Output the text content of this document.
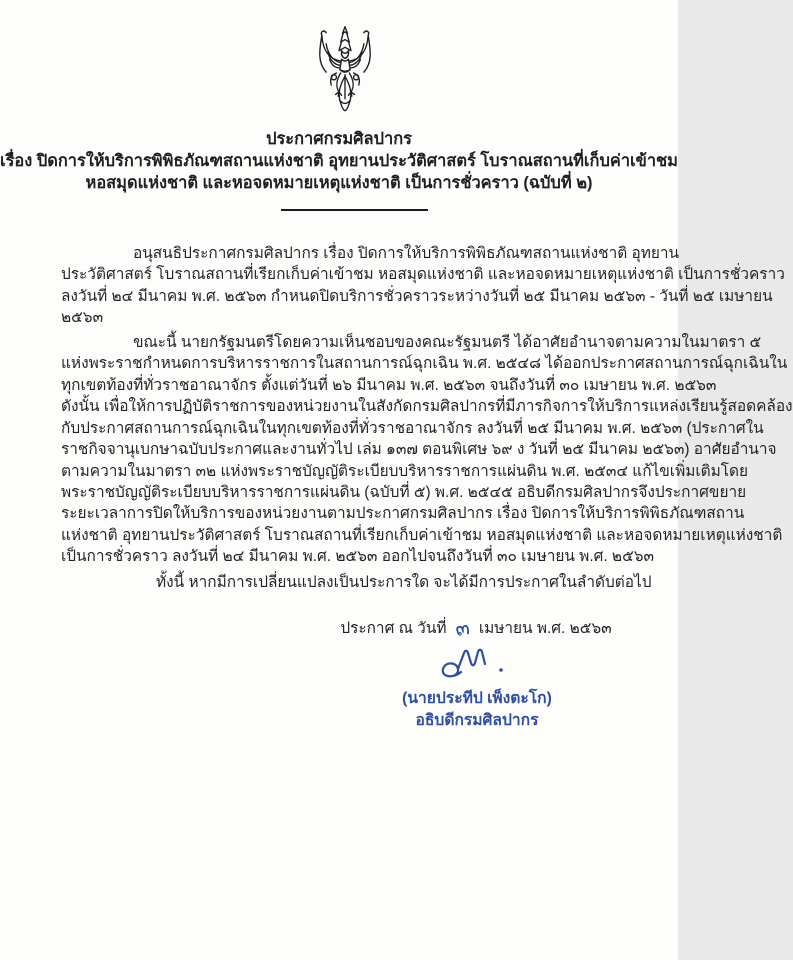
ประกาศกรมศิลปากร
เรื่อง ปิดการให้บริการพิพิธภัณฑสถานแห่งชาติ อุทยานประวัติศาสตร์ โบราณสถานที่เก็บค่าเข้าชม
หอสมุดแห่งชาติ และหอจดหมายเหตุแห่งชาติ เป็นการชั่วคราว (ฉบับที่ ๒)
อนุสนธิประกาศกรมศิลปากร เรื่อง ปิดการให้บริการพิพิธภัณฑสถานแห่งชาติ อุทยาน
ประวัติศาสตร์ โบราณสถานที่เรียกเก็บค่าเข้าชม หอสมุดแห่งชาติ และหอจดหมายเหตุแห่งชาติ เป็นการชั่วคราว
ลงวันที่ ๒๔ มีนาคม พ.ศ. ๒๕๖๓ กำหนดปิดบริการชั่วคราวระหว่างวันที่ ๒๕ มีนาคม ๒๕๖๓ - วันที่ ๒๕ เมษายน
๒๕๖๓
ขณะนี้ นายกรัฐมนตรีโดยความเห็นชอบของคณะรัฐมนตรี ได้อาศัยอำนาจตามความในมาตรา ๕
แห่งพระราชกำหนดการบริหารราชการในสถานการณ์ฉุกเฉิน พ.ศ. ๒๕๔๘ ได้ออกประกาศสถานการณ์ฉุกเฉินใน
ทุกเขตท้องที่ทั่วราชอาณาจักร ตั้งแต่วันที่ ๒๖ มีนาคม พ.ศ. ๒๕๖๓ จนถึงวันที่ ๓๐ เมษายน พ.ศ. ๒๕๖๓
ดังนั้น เพื่อให้การปฏิบัติราชการของหน่วยงานในสังกัดกรมศิลปากรที่มีภารกิจการให้บริการแหล่งเรียนรู้สอดคล้อง
กับประกาศสถานการณ์ฉุกเฉินในทุกเขตท้องที่ทั่วราชอาณาจักร ลงวันที่ ๒๕ มีนาคม พ.ศ. ๒๕๖๓ (ประกาศใน
ราชกิจจานุเบกษาฉบับประกาศและงานทั่วไป เล่ม ๑๓๗ ตอนพิเศษ ๖๙ ง วันที่ ๒๕ มีนาคม ๒๕๖๓) อาศัยอำนาจ
ตามความในมาตรา ๓๒ แห่งพระราชบัญญัติระเบียบบริหารราชการแผ่นดิน พ.ศ. ๒๕๓๔ แก้ไขเพิ่มเติมโดย
พระราชบัญญัติระเบียบบริหารราชการแผ่นดิน (ฉบับที่ ๕) พ.ศ. ๒๕๔๕ อธิบดีกรมศิลปากรจึงประกาศขยาย
ระยะเวลาการปิดให้บริการของหน่วยงานตามประกาศกรมศิลปากร เรื่อง ปิดการให้บริการพิพิธภัณฑสถาน
แห่งชาติ อุทยานประวัติศาสตร์ โบราณสถานที่เรียกเก็บค่าเข้าชม หอสมุดแห่งชาติ และหอจดหมายเหตุแห่งชาติ
เป็นการชั่วคราว ลงวันที่ ๒๔ มีนาคม พ.ศ. ๒๕๖๓ ออกไปจนถึงวันที่ ๓๐ เมษายน พ.ศ. ๒๕๖๓
ทั้งนี้ หากมีการเปลี่ยนแปลงเป็นประการใด จะได้มีการประกาศในลำดับต่อไป
ประกาศ ณ วันที่ ๓ เมษายน พ.ศ. ๒๕๖๓
(นายประทีป เพ็งตะโก)
อธิบดีกรมศิลปากร
